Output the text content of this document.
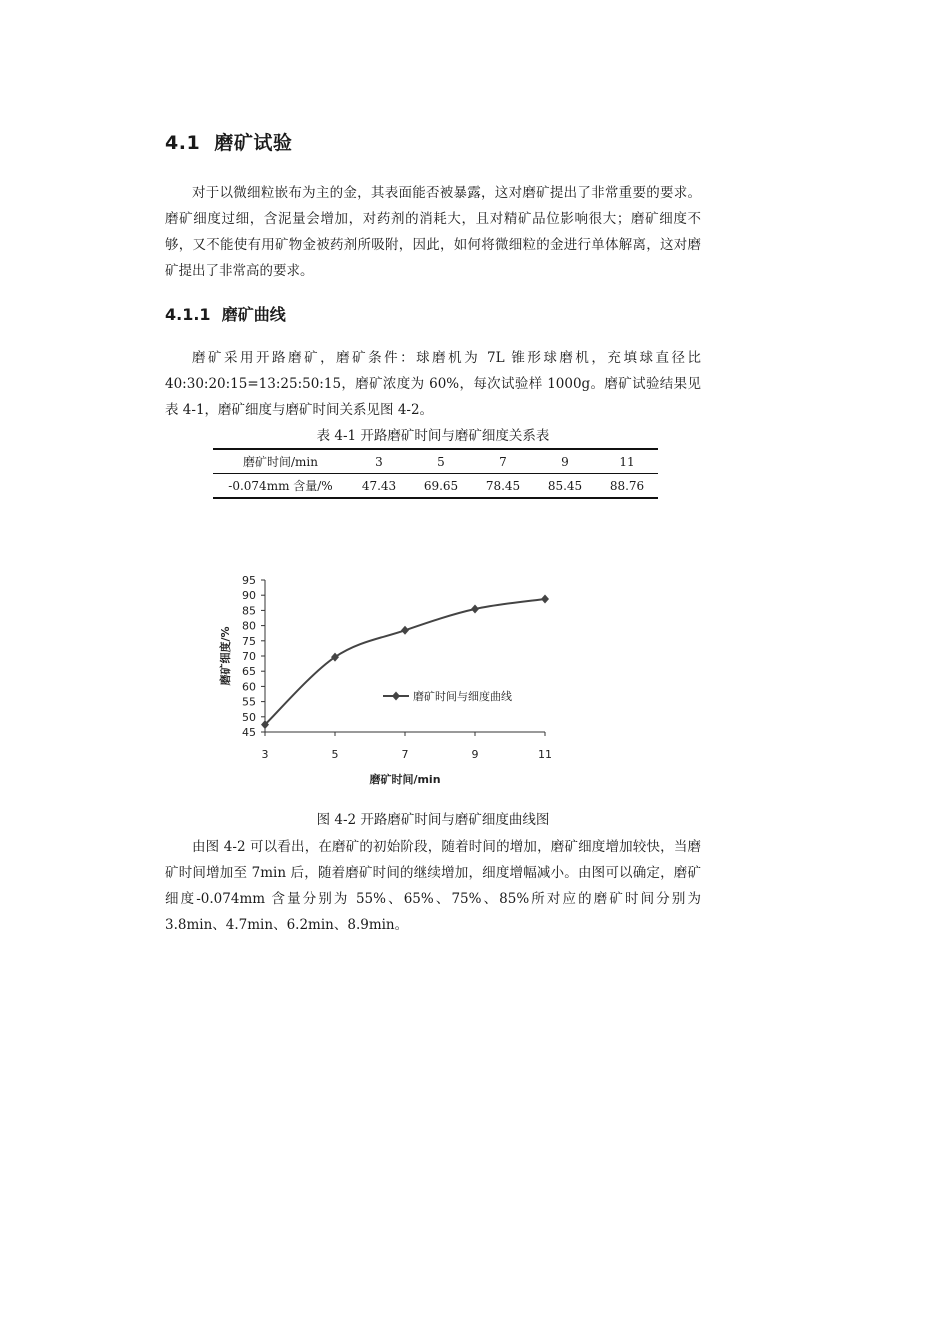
4.1 磨矿试验

对于以微细粒嵌布为主的金，其表面能否被暴露，这对磨矿提出了非常重要的要求。磨矿细度过细，含泥量会增加，对药剂的消耗大，且对精矿品位影响很大；磨矿细度不够，又不能使有用矿物金被药剂所吸附，因此，如何将微细粒的金进行单体解离，这对磨矿提出了非常高的要求。

4.1.1 磨矿曲线

磨矿采用开路磨矿，磨矿条件：球磨机为 7L 锥形球磨机，充填球直径比 40:30:20:15=13:25:50:15，磨矿浓度为 60%，每次试验样 1000g。磨矿试验结果见表 4-1，磨矿细度与磨矿时间关系见图 4-2。

表 4-1 开路磨矿时间与磨矿细度关系表
磨矿时间/min	3	5	7	9	11
-0.074mm 含量/%	47.43	69.65	78.45	85.45	88.76
45
50
55
60
65
70
75
80
85
90
95
3	5	7	9	11
磨矿时间与细度曲线
磨矿细度/%
磨矿时间/min
图 4-2 开路磨矿时间与磨矿细度曲线图

由图 4-2 可以看出，在磨矿的初始阶段，随着时间的增加，磨矿细度增加较快，当磨矿时间增加至 7min 后，随着磨矿时间的继续增加，细度增幅减小。由图可以确定，磨矿细度-0.074mm 含量分别为 55%、65%、75%、85%所对应的磨矿时间分别为 3.8min、4.7min、6.2min、8.9min。
